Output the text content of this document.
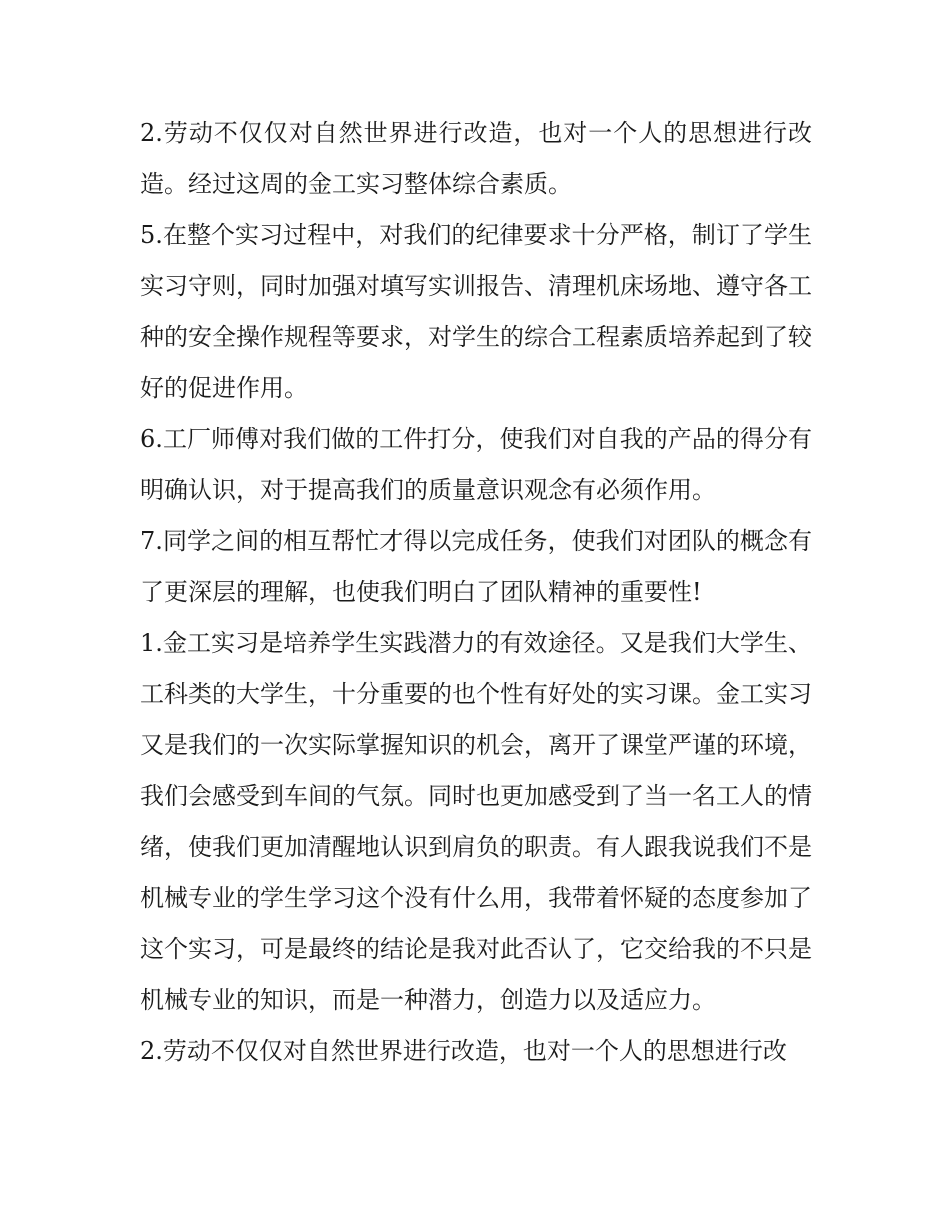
2.劳动不仅仅对自然世界进行改造，也对一个人的思想进行改造。经过这周的金工实习整体综合素质。

5.在整个实习过程中，对我们的纪律要求十分严格，制订了学生实习守则，同时加强对填写实训报告、清理机床场地、遵守各工种的安全操作规程等要求，对学生的综合工程素质培养起到了较好的促进作用。

6.工厂师傅对我们做的工件打分，使我们对自我的产品的得分有明确认识，对于提高我们的质量意识观念有必须作用。

7.同学之间的相互帮忙才得以完成任务，使我们对团队的概念有了更深层的理解，也使我们明白了团队精神的重要性!

1.金工实习是培养学生实践潜力的有效途径。又是我们大学生、工科类的大学生，十分重要的也个性有好处的实习课。金工实习又是我们的一次实际掌握知识的机会，离开了课堂严谨的环境，我们会感受到车间的气氛。同时也更加感受到了当一名工人的情绪，使我们更加清醒地认识到肩负的职责。有人跟我说我们不是机械专业的学生学习这个没有什么用，我带着怀疑的态度参加了这个实习，可是最终的结论是我对此否认了，它交给我的不只是机械专业的知识，而是一种潜力，创造力以及适应力。

2.劳动不仅仅对自然世界进行改造，也对一个人的思想进行改
